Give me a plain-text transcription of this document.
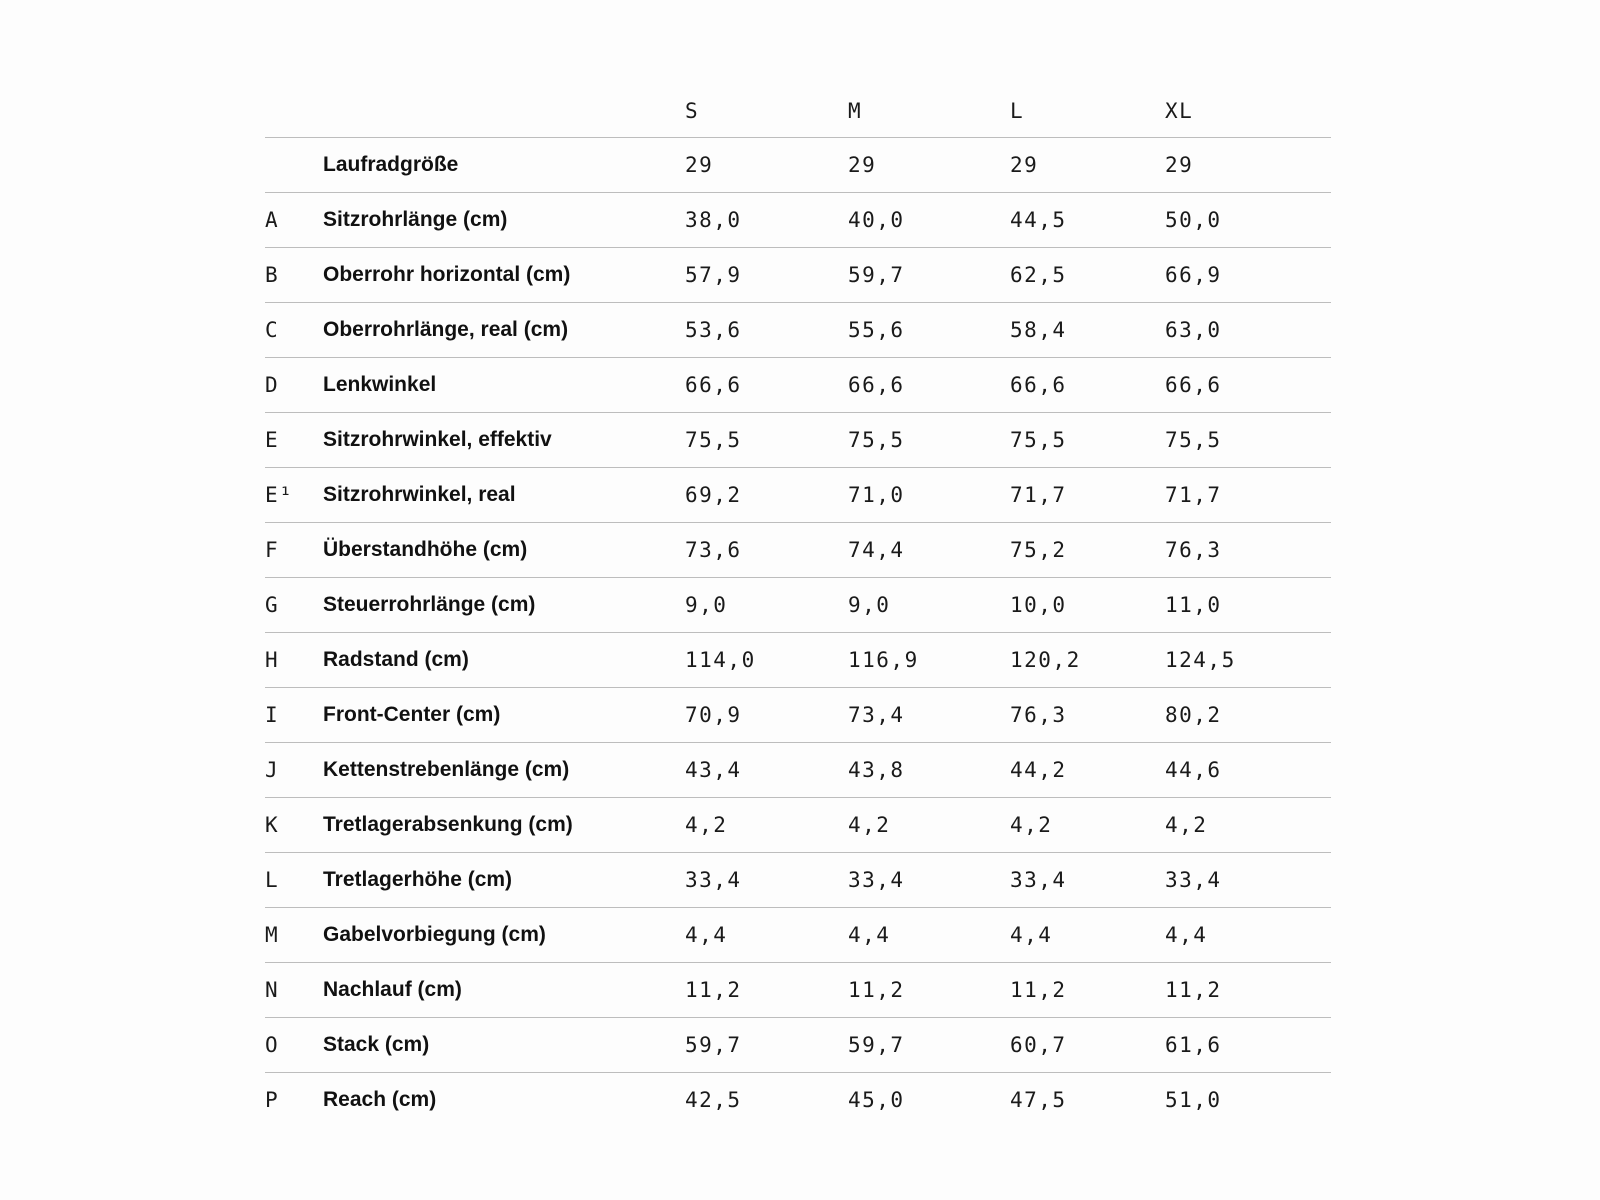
		S	M	L	XL
	Laufradgröße	29	29	29	29
A	Sitzrohrlänge (cm)	38,0	40,0	44,5	50,0
B	Oberrohr horizontal (cm)	57,9	59,7	62,5	66,9
C	Oberrohrlänge, real (cm)	53,6	55,6	58,4	63,0
D	Lenkwinkel	66,6	66,6	66,6	66,6
E	Sitzrohrwinkel, effektiv	75,5	75,5	75,5	75,5
E¹	Sitzrohrwinkel, real	69,2	71,0	71,7	71,7
F	Überstandhöhe (cm)	73,6	74,4	75,2	76,3
G	Steuerrohrlänge (cm)	9,0	9,0	10,0	11,0
H	Radstand (cm)	114,0	116,9	120,2	124,5
I	Front-Center (cm)	70,9	73,4	76,3	80,2
J	Kettenstrebenlänge (cm)	43,4	43,8	44,2	44,6
K	Tretlagerabsenkung (cm)	4,2	4,2	4,2	4,2
L	Tretlagerhöhe (cm)	33,4	33,4	33,4	33,4
M	Gabelvorbiegung (cm)	4,4	4,4	4,4	4,4
N	Nachlauf (cm)	11,2	11,2	11,2	11,2
O	Stack (cm)	59,7	59,7	60,7	61,6
P	Reach (cm)	42,5	45,0	47,5	51,0
